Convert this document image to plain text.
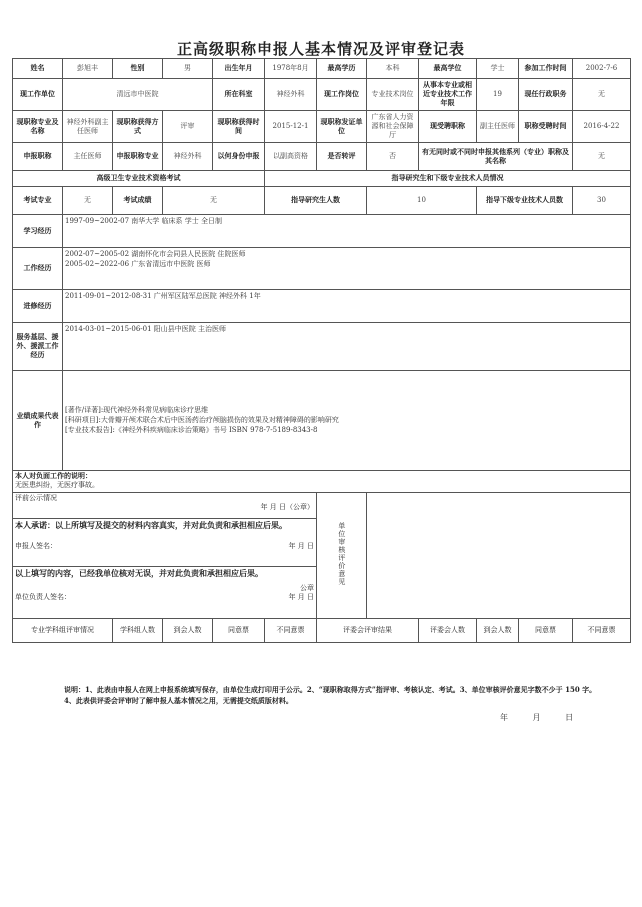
正高级职称申报人基本情况及评审登记表
姓名	彭旭丰	性别	男	出生年月	1978年8月	最高学历	本科	最高学位	学士	参加工作时间	2002-7-6
现工作单位	清远市中医院			所在科室	神经外科	现工作岗位	专业技术岗位	从事本专业或相近专业技术工作年限	19	现任行政职务	无
现职称专业及名称	神经外科副主任医师	现职称获得方式	评审	现职称获得时间	2015-12-1	现职称发证单位	广东省人力资源和社会保障厅	现受聘职称	副主任医师	职称受聘时间	2016-4-22
申报职称	主任医师	申报职称专业	神经外科	以何身份申报	以副高资格	是否转评	否	有无同时或不同时申报其他系列（专业）职称及其名称			无
高级卫生专业技术资格考试					指导研究生和下级专业技术人员情况						
考试专业	无	考试成绩	无		指导研究生人数		10		指导下级专业技术人员数		30
学习经历	1997-09~2002-07 南华大学 临床系 学士 全日制										

工作经历	2002-07~2005-02 湖南怀化市会同县人民医院 住院医师
2005-02~2022-06 广东省清远市中医院 医师										

进修经历	2011-09-01~2012-08-31 广州军区陆军总医院 神经外科 1年										

服务基层、援外、援派工作经历	2014-03-01~2015-06-01 阳山县中医院 主治医师										

业绩成果代表作	[著作/译著]:现代神经外科常见病临床诊疗思维
[科研项目]:大骨瓣开颅术联合术后中医汤药治疗颅脑损伤的效果及对精神障碍的影响研究
[专业技术报告]:《神经外科疾病临床诊治策略》书号 ISBN 978-7-5189-8343-8										

本人对负面工作的说明：
无医患纠纷，无医疗事故。											

评前公示情况
年 月 日（公章）						单位审核评价意见					

本人承诺：以上所填写及提交的材料内容真实，并对此负责和承担相应后果。
申报人签名： 年 月 日											

以上填写的内容，已经我单位核对无误，并对此负责和承担相应后果。
公章
单位负责人签名： 年 月 日											

专业学科组评审情况		学科组人数	到会人数	同意票	不同意票	评委会评审结果		评委会人数	到会人数	同意票	不同意票
说明：1、此表由申报人在网上申报系统填写保存，由单位生成打印用于公示。2、“现职称取得方式”指评审、考核认定、考试。3、单位审核评价意见字数不少于 150 字。4、此表供评委会评审时了解申报人基本情况之用，无需提交纸质版材料。
年 月 日
